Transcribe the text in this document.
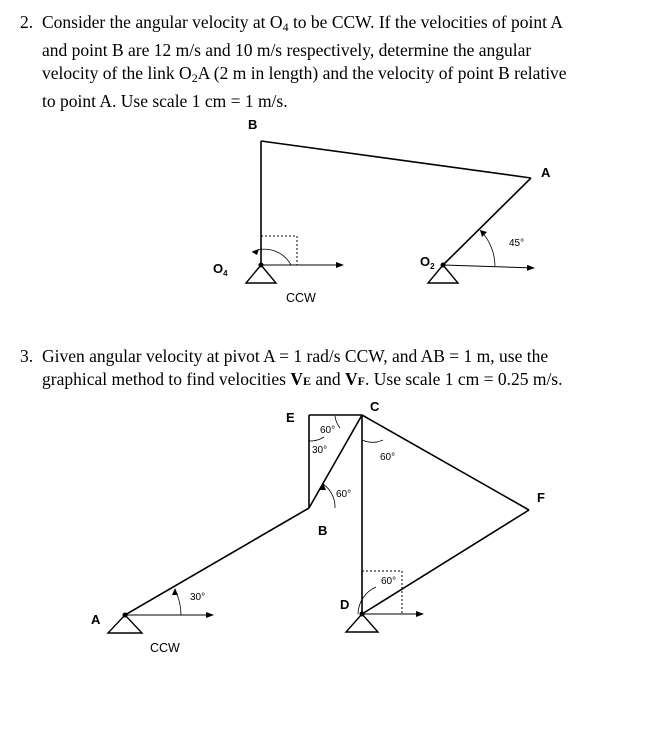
2. Consider the angular velocity at $O_4$ to be CCW. If the velocities of point A
and point B are 12 m/s and 10 m/s respectively, determine the angular
velocity of the link $O_2A$ (2 m in length) and the velocity of point B relative
to point A. Use scale 1 cm = 1 m/s.
3. Given angular velocity at pivot A = 1 rad/s CCW, and AB = 1 m, use the
graphical method to find velocities VE and VF. Use scale 1 cm = 0.25 m/s.
B
A
$O_4$
$O_2$
45°
CCW
E
C
F
B
D
A
60°
30°
60°
60°
60°
30°
CCW
